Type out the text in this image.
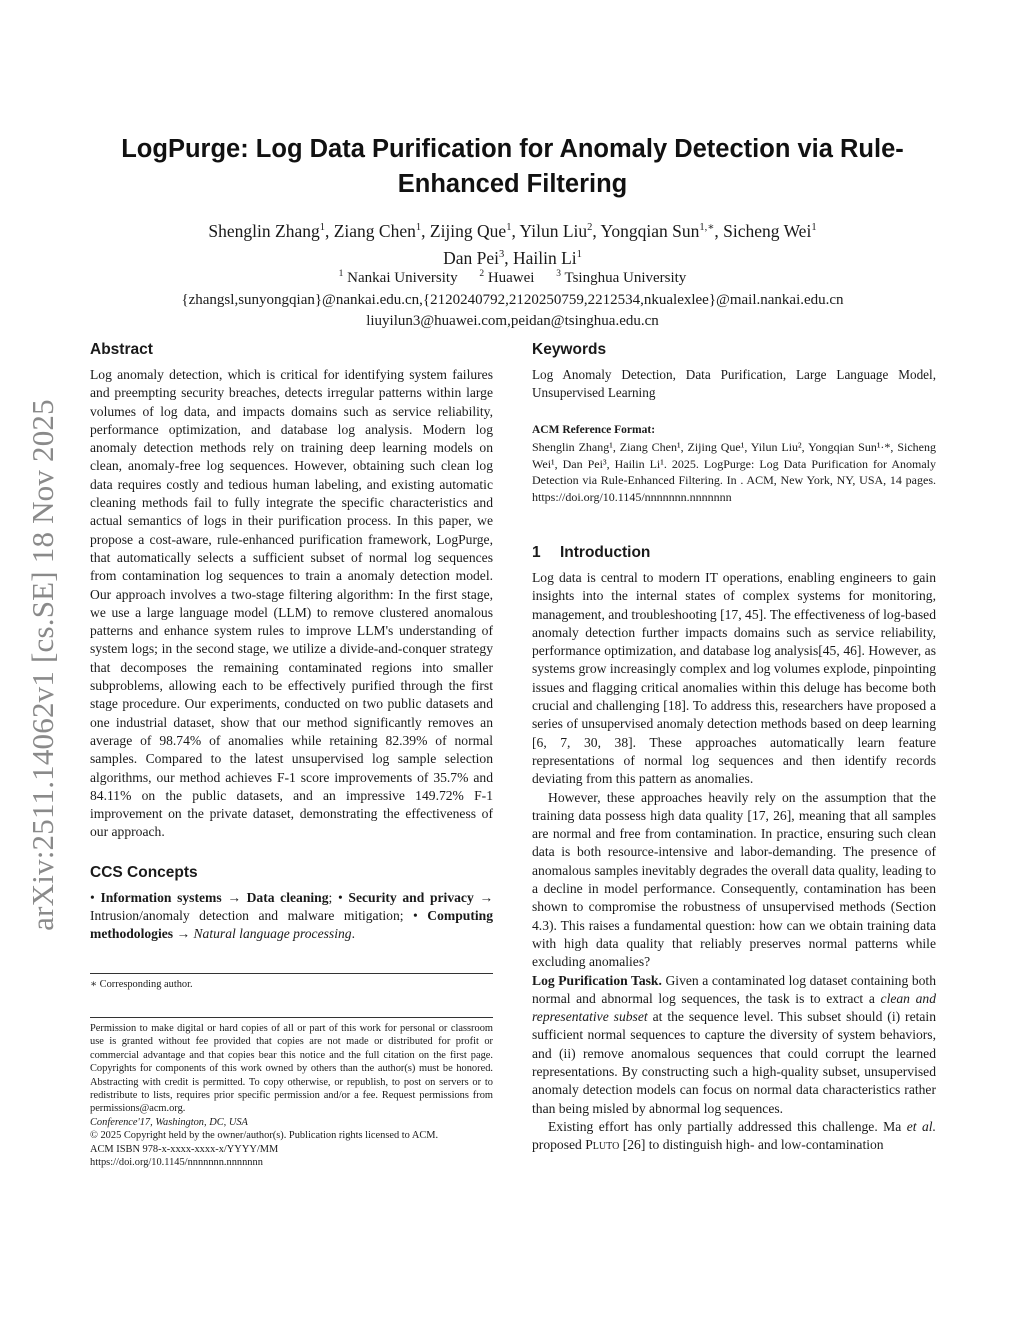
arXiv:2511.14062v1 [cs.SE] 18 Nov 2025
LogPurge: Log Data Purification for Anomaly Detection via Rule-Enhanced Filtering
Shenglin Zhang$^1$, Ziang Chen$^1$, Zijing Que$^1$, Yilun Liu$^2$, Yongqian Sun$^{1,∗}$, Sicheng Wei$^1$
Dan Pei$^3$, Hailin Li$^1$
$^1$ Nankai University $^2$ Huawei $^3$ Tsinghua University
{zhangsl,sunyongqian}@nankai.edu.cn,{2120240792,2120250759,2212534,nkualexlee}@mail.nankai.edu.cn
liuyilun3@huawei.com,peidan@tsinghua.edu.cn
Abstract

Log anomaly detection, which is critical for identifying system failures and preempting security breaches, detects irregular patterns within large volumes of log data, and impacts domains such as service reliability, performance optimization, and database log analysis. Modern log anomaly detection methods rely on training deep learning models on clean, anomaly-free log sequences. However, obtaining such clean log data requires costly and tedious human labeling, and existing automatic cleaning methods fail to fully integrate the specific characteristics and actual semantics of logs in their purification process. In this paper, we propose a cost-aware, rule-enhanced purification framework, LogPurge, that automatically selects a sufficient subset of normal log sequences from contamination log sequences to train a anomaly detection model. Our approach involves a two-stage filtering algorithm: In the first stage, we use a large language model (LLM) to remove clustered anomalous patterns and enhance system rules to improve LLM's understanding of system logs; in the second stage, we utilize a divide-and-conquer strategy that decomposes the remaining contaminated regions into smaller subproblems, allowing each to be effectively purified through the first stage procedure. Our experiments, conducted on two public datasets and one industrial dataset, show that our method significantly removes an average of 98.74% of anomalies while retaining 82.39% of normal samples. Compared to the latest unsupervised log sample selection algorithms, our method achieves F-1 score improvements of 35.7% and 84.11% on the public datasets, and an impressive 149.72% F-1 improvement on the private dataset, demonstrating the effectiveness of our approach.

CCS Concepts

• Information systems → Data cleaning; • Security and privacy → Intrusion/anomaly detection and malware mitigation; • Computing methodologies → Natural language processing.

∗ Corresponding author.

Permission to make digital or hard copies of all or part of this work for personal or classroom use is granted without fee provided that copies are not made or distributed for profit or commercial advantage and that copies bear this notice and the full citation on the first page. Copyrights for components of this work owned by others than the author(s) must be honored. Abstracting with credit is permitted. To copy otherwise, or republish, to post on servers or to redistribute to lists, requires prior specific permission and/or a fee. Request permissions from permissions@acm.org.

Conference'17, Washington, DC, USA

© 2025 Copyright held by the owner/author(s). Publication rights licensed to ACM.

ACM ISBN 978-x-xxxx-xxxx-x/YYYY/MM

https://doi.org/10.1145/nnnnnnn.nnnnnnn

Keywords

Log Anomaly Detection, Data Purification, Large Language Model, Unsupervised Learning

ACM Reference Format:

Shenglin Zhang¹, Ziang Chen¹, Zijing Que¹, Yilun Liu², Yongqian Sun¹·*, Sicheng Wei¹, Dan Pei³, Hailin Li¹. 2025. LogPurge: Log Data Purification for Anomaly Detection via Rule-Enhanced Filtering. In . ACM, New York, NY, USA, 14 pages. https://doi.org/10.1145/nnnnnnn.nnnnnnn

1 Introduction

Log data is central to modern IT operations, enabling engineers to gain insights into the internal states of complex systems for monitoring, management, and troubleshooting [17, 45]. The effectiveness of log-based anomaly detection further impacts domains such as service reliability, performance optimization, and database log analysis[45, 46]. However, as systems grow increasingly complex and log volumes explode, pinpointing issues and flagging critical anomalies within this deluge has become both crucial and challenging [18]. To address this, researchers have proposed a series of unsupervised anomaly detection methods based on deep learning [6, 7, 30, 38]. These approaches automatically learn feature representations of normal log sequences and then identify records deviating from this pattern as anomalies.

However, these approaches heavily rely on the assumption that the training data possess high data quality [17, 26], meaning that all samples are normal and free from contamination. In practice, ensuring such clean data is both resource-intensive and labor-demanding. The presence of anomalous samples inevitably degrades the overall data quality, leading to a decline in model performance. Consequently, contamination has been shown to compromise the robustness of unsupervised methods (Section 4.3). This raises a fundamental question: how can we obtain training data with high data quality that reliably preserves normal patterns while excluding anomalies?

Log Purification Task. Given a contaminated log dataset containing both normal and abnormal log sequences, the task is to extract a clean and representative subset at the sequence level. This subset should (i) retain sufficient normal sequences to capture the diversity of system behaviors, and (ii) remove anomalous sequences that could corrupt the learned representations. By constructing such a high-quality subset, unsupervised anomaly detection models can focus on normal data characteristics rather than being misled by abnormal log sequences.

Existing effort has only partially addressed this challenge. Ma et al. proposed Pluto [26] to distinguish high- and low-contamination
